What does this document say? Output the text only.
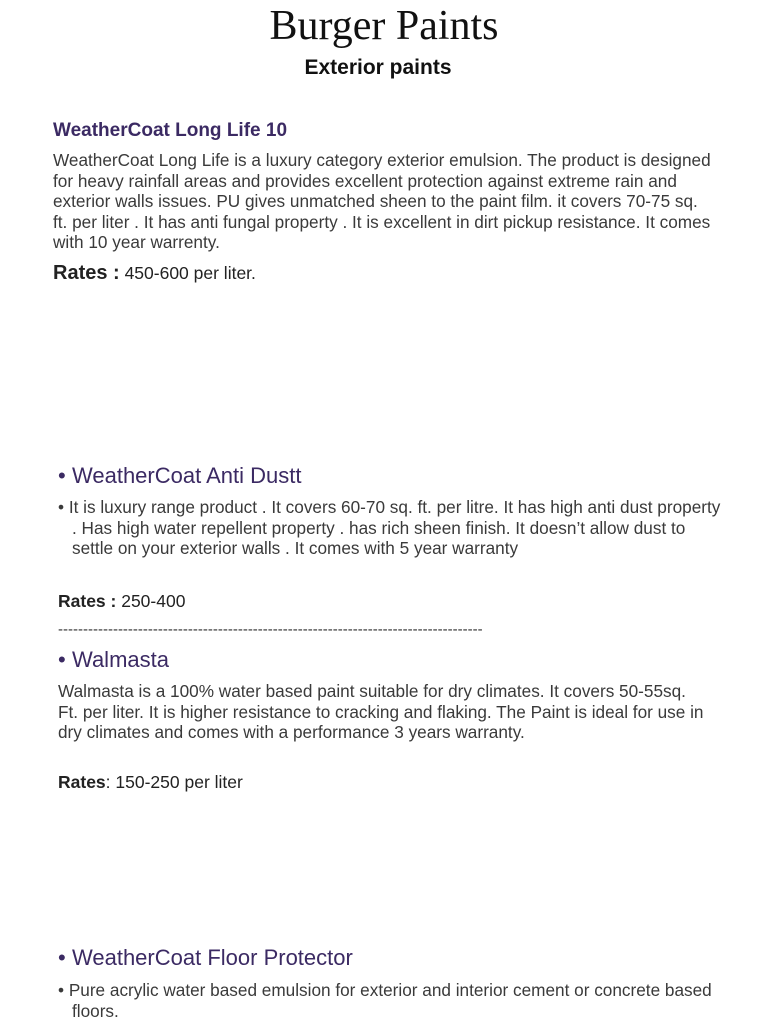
Burger Paints
Exterior paints
WeatherCoat Long Life 10
WeatherCoat Long Life is a luxury category exterior emulsion. The product is designed for heavy rainfall areas and provides excellent protection against extreme rain and exterior walls issues. PU gives unmatched sheen to the paint film. it covers 70-75 sq. ft. per liter . It has anti fungal property . It is excellent in dirt pickup resistance. It comes with 10 year warrenty.
Rates : 450-600 per liter.
• WeatherCoat Anti Dustt
• It is luxury range product . It covers 60-70 sq. ft. per litre. It has high anti dust property . Has high water repellent property . has rich sheen finish. It doesn’t allow dust to settle on your exterior walls . It comes with 5 year warranty
Rates : 250-400
-------------------------------------------------------------------------------------
• Walmasta
Walmasta is a 100% water based paint suitable for dry climates. It covers 50-55sq. Ft. per liter. It is higher resistance to cracking and flaking. The Paint is ideal for use in dry climates and comes with a performance 3 years warranty.
Rates: 150-250 per liter
• WeatherCoat Floor Protector
• Pure acrylic water based emulsion for exterior and interior cement or concrete based floors.
